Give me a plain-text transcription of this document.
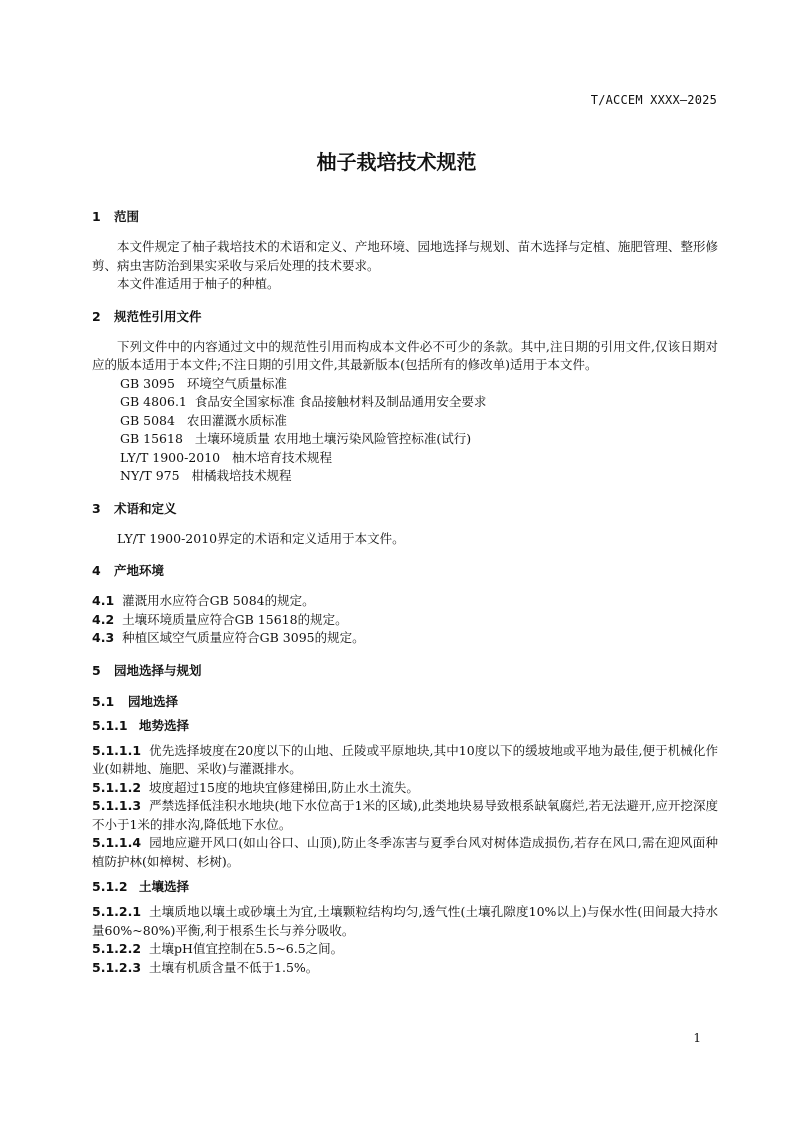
T/ACCEM XXXX—2025
柚子栽培技术规范
1 范围

本文件规定了柚子栽培技术的术语和定义、产地环境、园地选择与规划、苗木选择与定植、施肥管理、整形修剪、病虫害防治到果实采收与采后处理的技术要求。

本文件准适用于柚子的种植。

2 规范性引用文件

下列文件中的内容通过文中的规范性引用而构成本文件必不可少的条款。其中,注日期的引用文件,仅该日期对应的版本适用于本文件;不注日期的引用文件,其最新版本(包括所有的修改单)适用于本文件。

GB 3095 环境空气质量标准
GB 4806.1 食品安全国家标准 食品接触材料及制品通用安全要求
GB 5084 农田灌溉水质标准
GB 15618 土壤环境质量 农用地土壤污染风险管控标准(试行)
LY/T 1900-2010 柚木培育技术规程
NY/T 975 柑橘栽培技术规程
3 术语和定义

LY/T 1900-2010界定的术语和定义适用于本文件。

4 产地环境

4.1 灌溉用水应符合GB 5084的规定。

4.2 土壤环境质量应符合GB 15618的规定。

4.3 种植区域空气质量应符合GB 3095的规定。

5 园地选择与规划
5.1 园地选择
5.1.1 地势选择

5.1.1.1 优先选择坡度在20度以下的山地、丘陵或平原地块,其中10度以下的缓坡地或平地为最佳,便于机械化作业(如耕地、施肥、采收)与灌溉排水。

5.1.1.2 坡度超过15度的地块宜修建梯田,防止水土流失。

5.1.1.3 严禁选择低洼积水地块(地下水位高于1米的区域),此类地块易导致根系缺氧腐烂,若无法避开,应开挖深度不小于1米的排水沟,降低地下水位。

5.1.1.4 园地应避开风口(如山谷口、山顶),防止冬季冻害与夏季台风对树体造成损伤,若存在风口,需在迎风面种植防护林(如樟树、杉树)。

5.1.2 土壤选择

5.1.2.1 土壤质地以壤土或砂壤土为宜,土壤颗粒结构均匀,透气性(土壤孔隙度10%以上)与保水性(田间最大持水量60%~80%)平衡,利于根系生长与养分吸收。

5.1.2.2 土壤pH值宜控制在5.5~6.5之间。

5.1.2.3 土壤有机质含量不低于1.5%。

1
